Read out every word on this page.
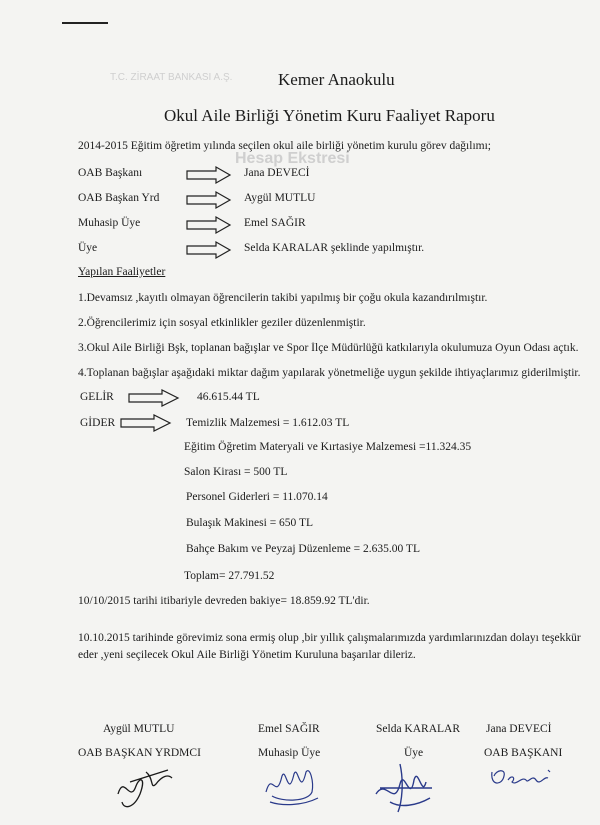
Hesap Ekstresi
T.C. ZİRAAT BANKASI A.Ş.	Kemer Anaokulu
Okul Aile Birliği Yönetim Kuru Faaliyet Raporu
2014-2015 Eğitim öğretim yılında seçilen okul aile birliği yönetim kurulu görev dağılımı;
OAB Başkanı	Jana DEVECİ
OAB Başkan Yrd	Aygül MUTLU
Muhasip Üye	Emel SAĞIR
Üye	Selda KARALAR şeklinde yapılmıştır.
Yapılan Faaliyetler
1.Devamsız ,kayıtlı olmayan öğrencilerin takibi yapılmış bir çoğu okula kazandırılmıştır.
2.Öğrencilerimiz için sosyal etkinlikler geziler düzenlenmiştir.
3.Okul Aile Birliği Bşk, toplanan bağışlar ve Spor İlçe Müdürlüğü katkılarıyla okulumuza Oyun Odası açtık.
4.Toplanan bağışlar aşağıdaki miktar dağım yapılarak yönetmeliğe uygun şekilde ihtiyaçlarımız giderilmiştir.
GELİR	46.615.44 TL
GİDER	Temizlik Malzemesi = 1.612.03 TL
Eğitim Öğretim Materyali ve Kırtasiye Malzemesi =11.324.35
Salon Kirası = 500 TL
Personel Giderleri = 11.070.14
Bulaşık Makinesi = 650 TL
Bahçe Bakım ve Peyzaj Düzenleme = 2.635.00 TL
Toplam= 27.791.52
10/10/2015 tarihi itibariyle devreden bakiye= 18.859.92 TL'dir.
10.10.2015 tarihinde görevimiz sona ermiş olup ,bir yıllık çalışmalarımızda yardımlarınızdan dolayı teşekkür
eder ,yeni seçilecek Okul Aile Birliği Yönetim Kuruluna başarılar dileriz.
Aygül MUTLU
OAB BAŞKAN YRDMCI
Emel SAĞIR
Muhasip Üye
Selda KARALAR
Üye
Jana DEVECİ
OAB BAŞKANI
